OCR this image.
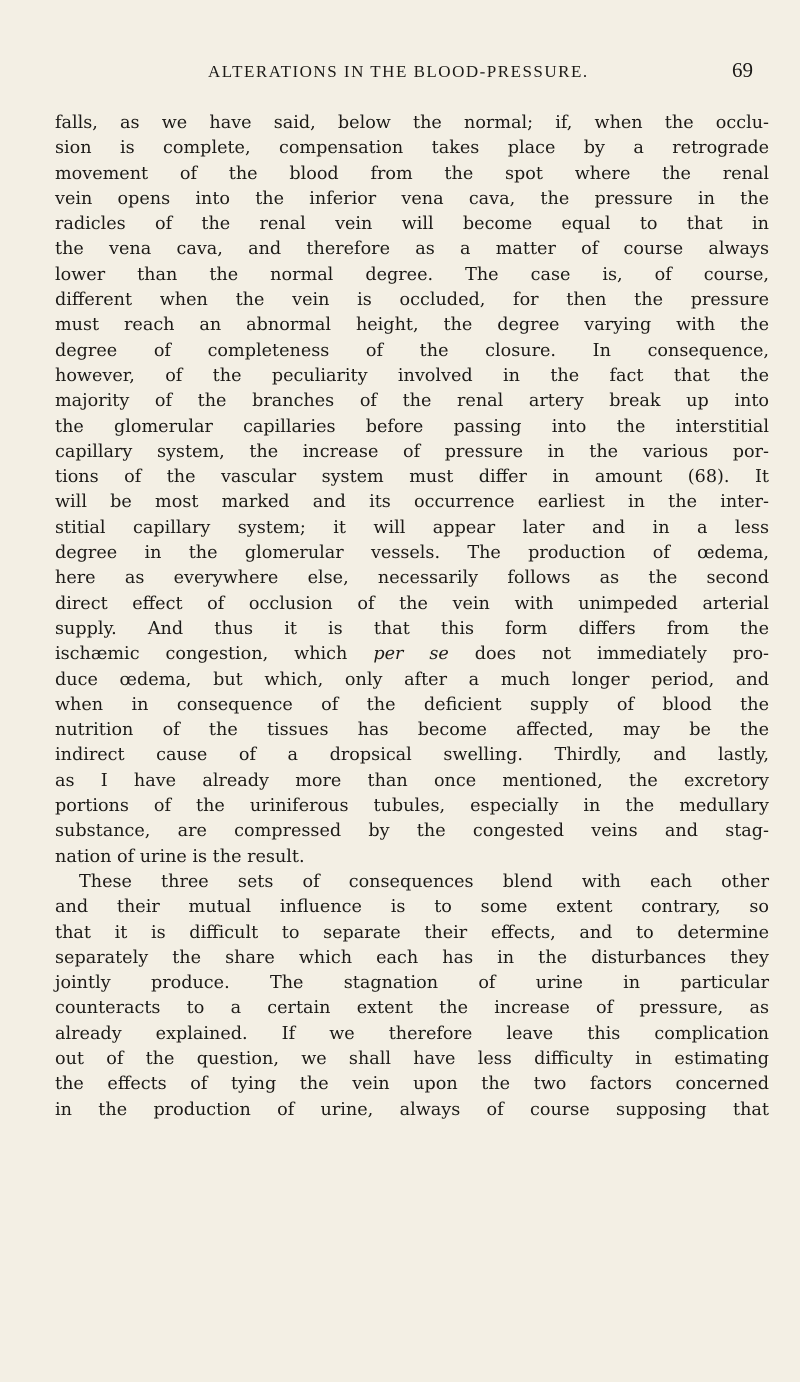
ALTERATIONS IN THE BLOOD-PRESSURE.	69
falls, as we have said, below the normal; if, when the occlu-
sion is complete, compensation takes place by a retrograde
movement of the blood from the spot where the renal
vein opens into the inferior vena cava, the pressure in the
radicles of the renal vein will become equal to that in
the vena cava, and therefore as a matter of course always
lower than the normal degree. The case is, of course,
different when the vein is occluded, for then the pressure
must reach an abnormal height, the degree varying with the
degree of completeness of the closure. In consequence,
however, of the peculiarity involved in the fact that the
majority of the branches of the renal artery break up into
the glomerular capillaries before passing into the interstitial
capillary system, the increase of pressure in the various por-
tions of the vascular system must differ in amount (68). It
will be most marked and its occurrence earliest in the inter-
stitial capillary system; it will appear later and in a less
degree in the glomerular vessels. The production of œdema,
here as everywhere else, necessarily follows as the second
direct effect of occlusion of the vein with unimpeded arterial
supply. And thus it is that this form differs from the
ischæmic congestion, which per se does not immediately pro-
duce œdema, but which, only after a much longer period, and
when in consequence of the deficient supply of blood the
nutrition of the tissues has become affected, may be the
indirect cause of a dropsical swelling. Thirdly, and lastly,
as I have already more than once mentioned, the excretory
portions of the uriniferous tubules, especially in the medullary
substance, are compressed by the congested veins and stag-
nation of urine is the result.
These three sets of consequences blend with each other
and their mutual influence is to some extent contrary, so
that it is difficult to separate their effects, and to determine
separately the share which each has in the disturbances they
jointly produce. The stagnation of urine in particular
counteracts to a certain extent the increase of pressure, as
already explained. If we therefore leave this complication
out of the question, we shall have less difficulty in estimating
the effects of tying the vein upon the two factors concerned
in the production of urine, always of course supposing that
